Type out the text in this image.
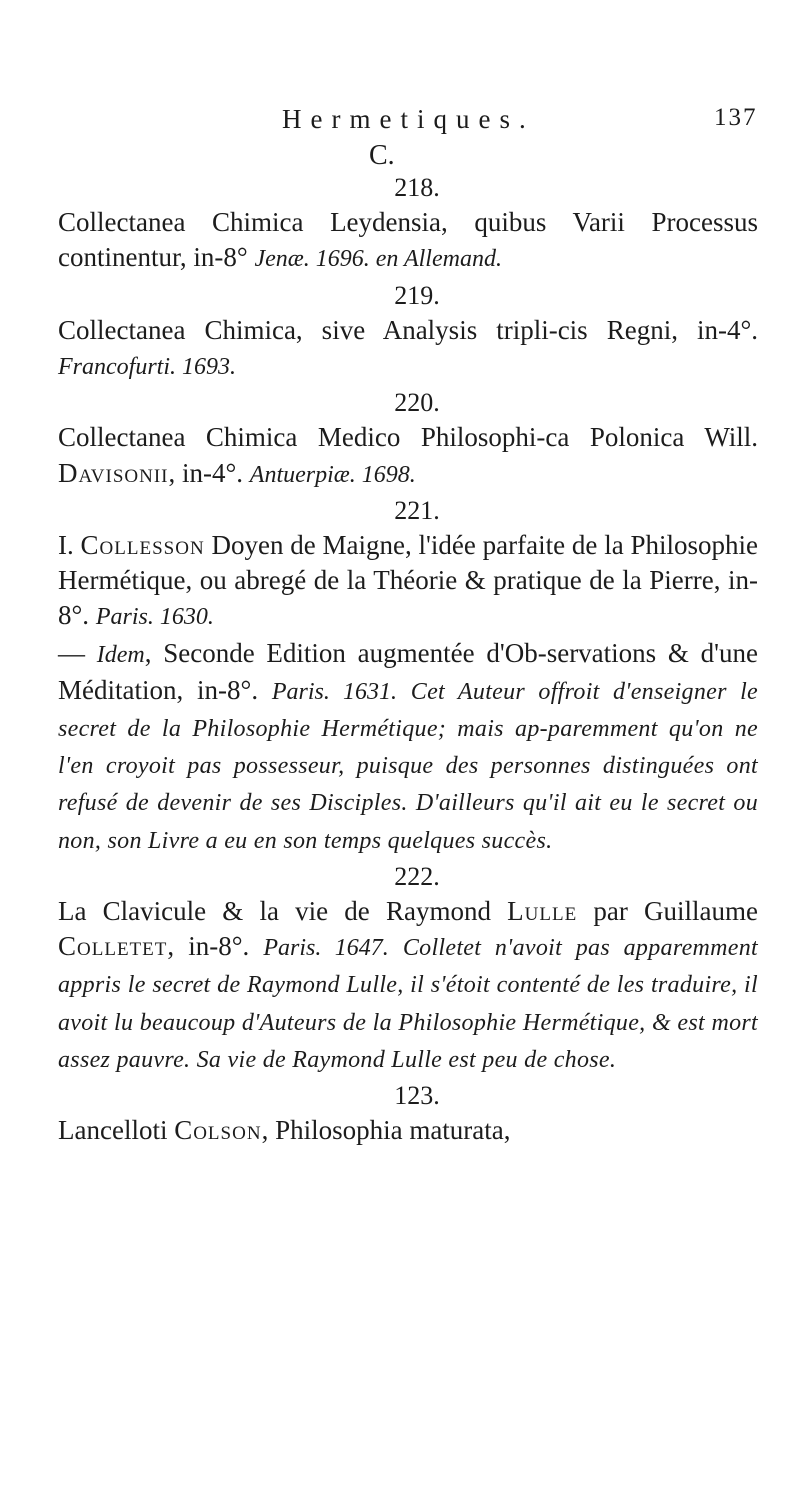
Hermetiques.	137
C.

218.

Collectanea Chimica Leydensia, quibus Varii Processus continentur, in-8° Jenæ. 1696. en Allemand.

219.

Collectanea Chimica, sive Analysis tripli-cis Regni, in-4°. Francofurti. 1693.

220.

Collectanea Chimica Medico Philosophi-ca Polonica Will. Davisonii, in-4°. Antuerpiæ. 1698.

221.

I. Collesson Doyen de Maigne, l'idée parfaite de la Philosophie Hermétique, ou abregé de la Théorie & pratique de la Pierre, in-8°. Paris. 1630.
— Idem, Seconde Edition augmentée d'Ob-servations & d'une Méditation, in-8°. Paris. 1631. Cet Auteur offroit d'enseigner le secret de la Philosophie Hermétique; mais ap-paremment qu'on ne l'en croyoit pas possesseur, puisque des personnes distinguées ont refusé de devenir de ses Disciples. D'ailleurs qu'il ait eu le secret ou non, son Livre a eu en son temps quelques succès.

222.

La Clavicule & la vie de Raymond Lulle par Guillaume Colletet, in-8°. Paris. 1647. Colletet n'avoit pas apparemment appris le secret de Raymond Lulle, il s'étoit contenté de les traduire, il avoit lu beaucoup d'Auteurs de la Philosophie Hermétique, & est mort assez pauvre. Sa vie de Raymond Lulle est peu de chose.

123.

Lancelloti Colson, Philosophia maturata,
